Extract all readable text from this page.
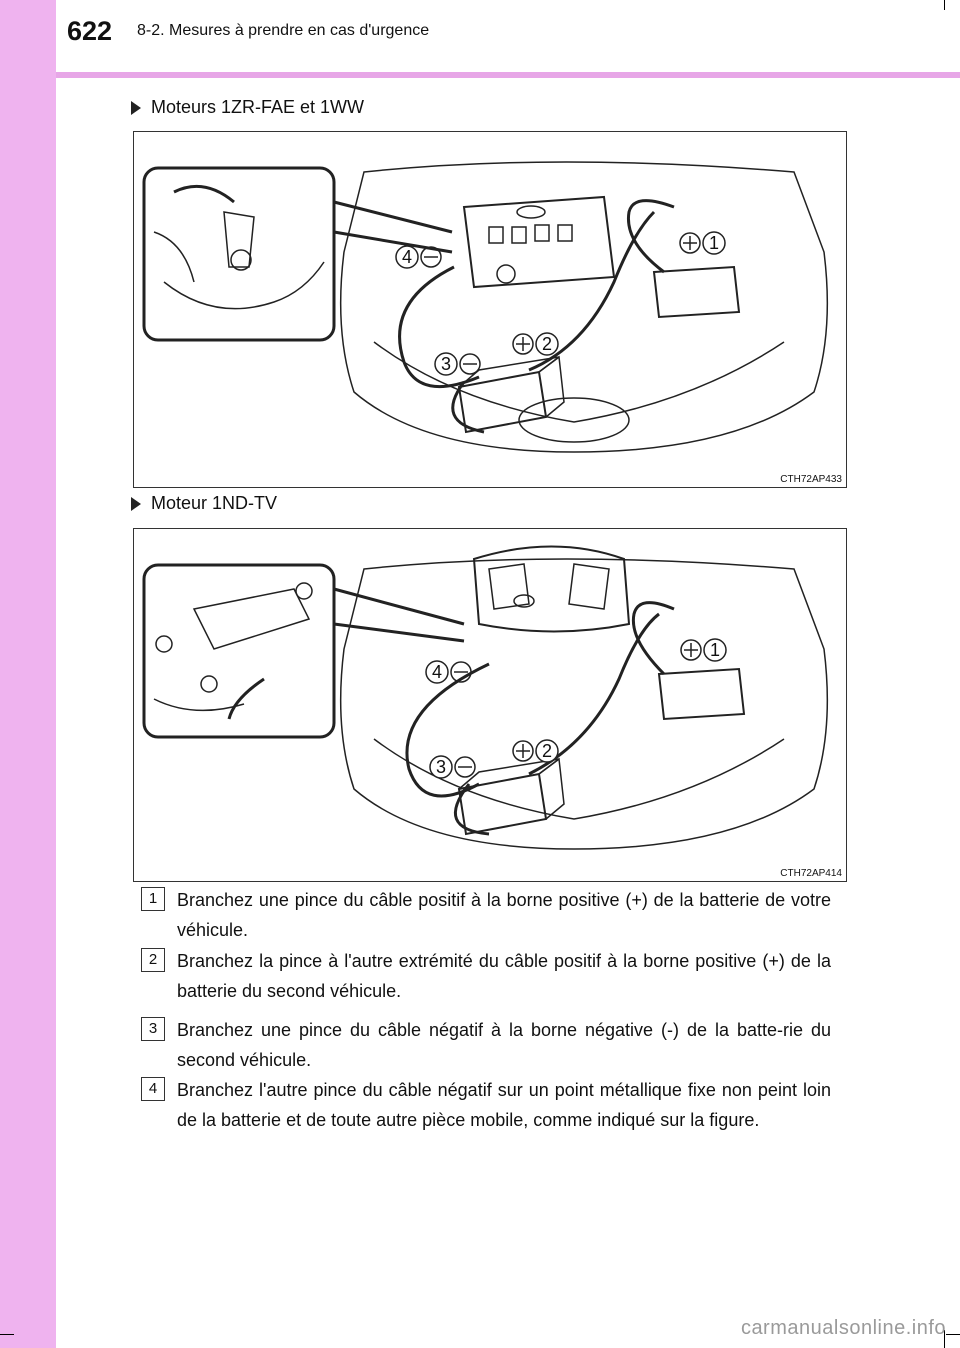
622 8-2. Mesures à prendre en cas d'urgence
Moteurs 1ZR-FAE et 1WW
1
2
3
4
CTH72AP433
Moteur 1ND-TV
1
2
3
4
CTH72AP414
1	Branchez une pince du câble positif à la borne positive (+) de la batterie de votre véhicule.
2	Branchez la pince à l'autre extrémité du câble positif à la borne positive (+) de la batterie du second véhicule.
3	Branchez une pince du câble négatif à la borne négative (-) de la batte-rie du second véhicule.
4	Branchez l'autre pince du câble négatif sur un point métallique fixe non peint loin de la batterie et de toute autre pièce mobile, comme indiqué sur la figure.
carmanualsonline.info
